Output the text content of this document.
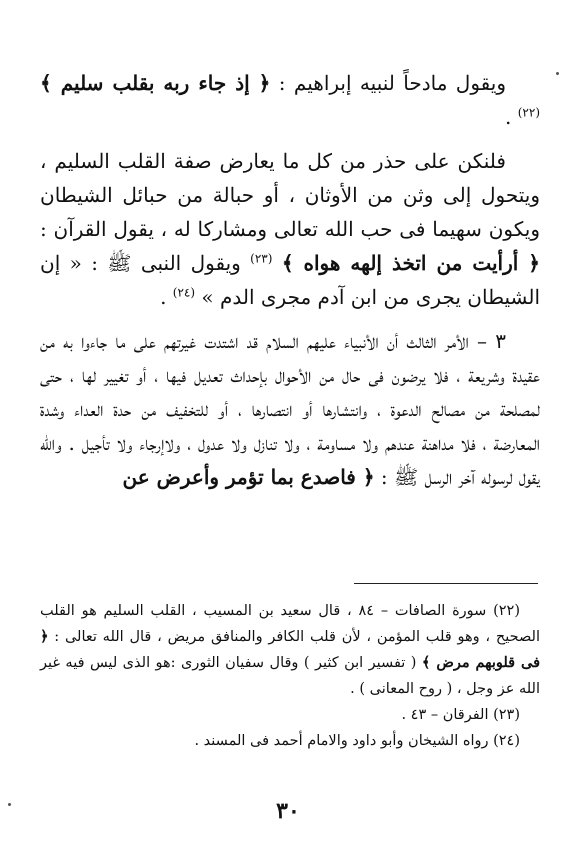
ويقول مادحاً لنبيه إبراهيم : ﴿ إذ جاء ربه بقلب سليم ﴾ $^{(٢٢)}$ .

فلنكن على حذر من كل ما يعارض صفة القلب السليم ، ويتحول إلى وثن من الأوثان ، أو حبالة من حبائل الشيطان ويكون سهيما فى حب الله تعالى ومشاركا له ، يقول القرآن : ﴿ أرأيت من اتخذ إلهه هواه ﴾ $^{(٢٣)}$ ويقول النبى ﷺ : « إن الشيطان يجرى من ابن آدم مجرى الدم » $^{(٢٤)}$ .

٣ – الأمر الثالث أن الأنبياء عليهم السلام قد اشتدت غيرتهم على ما جاءوا به من عقيدة وشريعة ، فلا يرضون فى حال من الأحوال بإحداث تعديل فيها ، أو تغيير لها ، حتى لمصلحة من مصالح الدعوة ، وانتشارها أو انتصارها ، أو للتخفيف من حدة العداء وشدة المعارضة ، فلا مداهنة عندهم ولا مساومة ، ولا تنازل ولا عدول ، ولاإرجاء ولا تأجيل . والله يقول لرسوله آخر الرسل ﷺ : ﴿ فاصدع بما تؤمر وأعرض عن

(٢٢) سورة الصافات – ٨٤ ، قال سعيد بن المسيب ، القلب السليم هو القلب الصحيح ، وهو قلب المؤمن ، لأن قلب الكافر والمنافق مريض ، قال الله تعالى : ﴿ فى قلوبهم مرض ﴾ ( تفسير ابن كثير ) وقال سفيان الثورى :هو الذى ليس فيه غير الله عز وجل ، ( روح المعانى ) .

(٢٣) الفرقان – ٤٣ .

(٢٤) رواه الشيخان وأبو داود والامام أحمد فى المسند .

٣٠
